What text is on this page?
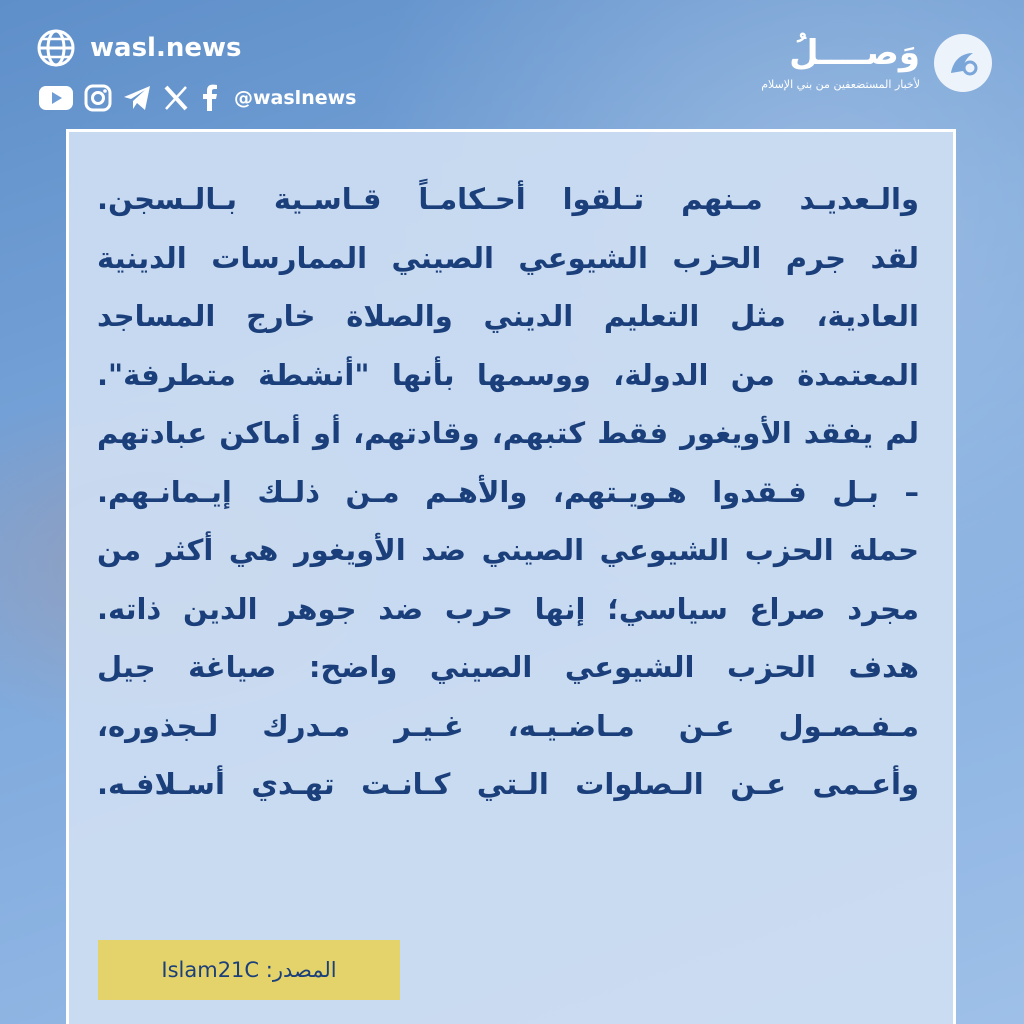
wasl.news
@waslnews
وَصــــلُ
لأخبار المستضعفين من بني الإسلام
والـعديـد مـنهم تـلقوا أحـكامـاً قـاسـية بـالـسجن.
لقد جرم الحزب الشيوعي الصيني الممارسات الدينية
العادية، مثل التعليم الديني والصلاة خارج المساجد
المعتمدة من الدولة، ووسمها بأنها "أنشطة متطرفة".
لم يفقد الأويغور فقط كتبهم، وقادتهم، أو أماكن عبادتهم
– بـل فـقدوا هـويـتهم، والأهـم مـن ذلـك إيـمانـهم.
حملة الحزب الشيوعي الصيني ضد الأويغور هي أكثر من
مجرد صراع سياسي؛ إنها حرب ضد جوهر الدين ذاته.
هدف الحزب الشيوعي الصيني واضح: صياغة جيل
مـفـصـول عـن مـاضـيـه، غـيـر مـدرك لـجذوره،
وأعـمى عـن الـصلوات الـتي كـانـت تهـدي أسـلافـه.
المصدر:

Islam21C
